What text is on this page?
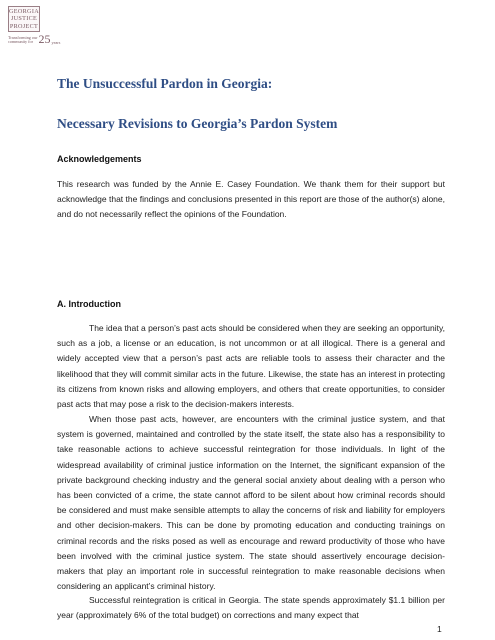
GEORGIA
JUSTICE
PROJECT
Transforming our
community for 25 years
The Unsuccessful Pardon in Georgia:
Necessary Revisions to Georgia’s Pardon System
Acknowledgements

This research was funded by the Annie E. Casey Foundation. We thank them for their support but acknowledge that the findings and conclusions presented in this report are those of the author(s) alone, and do not necessarily reflect the opinions of the Foundation.

A. Introduction

The idea that a person’s past acts should be considered when they are seeking an opportunity, such as a job, a license or an education, is not uncommon or at all illogical. There is a general and widely accepted view that a person’s past acts are reliable tools to assess their character and the likelihood that they will commit similar acts in the future. Likewise, the state has an interest in protecting its citizens from known risks and allowing employers, and others that create opportunities, to consider past acts that may pose a risk to the decision-makers interests.

When those past acts, however, are encounters with the criminal justice system, and that system is governed, maintained and controlled by the state itself, the state also has a responsibility to take reasonable actions to achieve successful reintegration for those individuals. In light of the widespread availability of criminal justice information on the Internet, the significant expansion of the private background checking industry and the general social anxiety about dealing with a person who has been convicted of a crime, the state cannot afford to be silent about how criminal records should be considered and must make sensible attempts to allay the concerns of risk and liability for employers and other decision-makers. This can be done by promoting education and conducting trainings on criminal records and the risks posed as well as encourage and reward productivity of those who have been involved with the criminal justice system. The state should assertively encourage decision-makers that play an important role in successful reintegration to make reasonable decisions when considering an applicant’s criminal history.

Successful reintegration is critical in Georgia. The state spends approximately $1.1 billion per year (approximately 6% of the total budget) on corrections and many expect that

1
